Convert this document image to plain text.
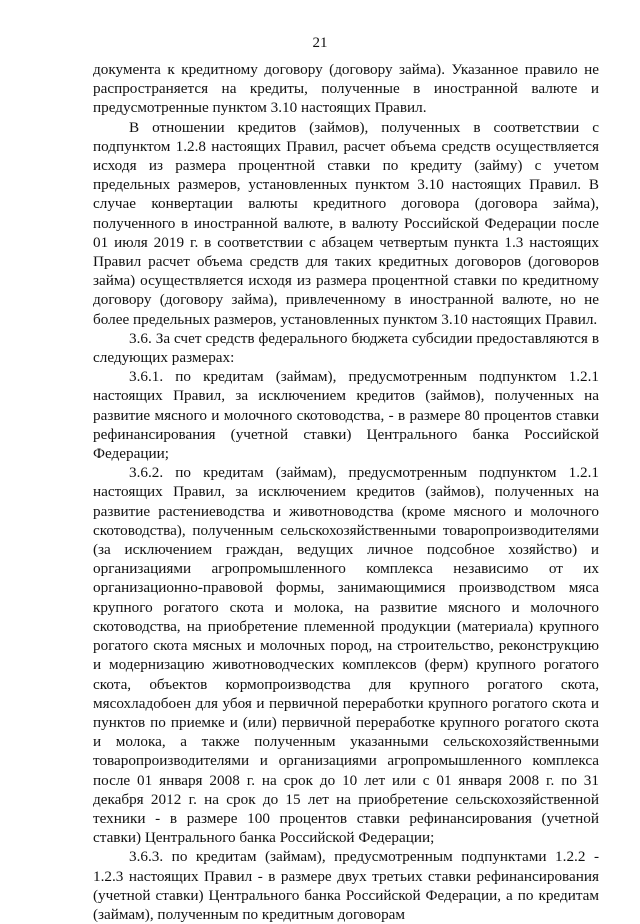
21

документа к кредитному договору (договору займа). Указанное правило не распространяется на кредиты, полученные в иностранной валюте и предусмотренные пунктом 3.10 настоящих Правил.

В отношении кредитов (займов), полученных в соответствии с подпунктом 1.2.8 настоящих Правил, расчет объема средств осуществляется исходя из размера процентной ставки по кредиту (займу) с учетом предельных размеров, установленных пунктом 3.10 настоящих Правил. В случае конвертации валюты кредитного договора (договора займа), полученного в иностранной валюте, в валюту Российской Федерации после 01 июля 2019 г. в соответствии с абзацем четвертым пункта 1.3 настоящих Правил расчет объема средств для таких кредитных договоров (договоров займа) осуществляется исходя из размера процентной ставки по кредитному договору (договору займа), привлеченному в иностранной валюте, но не более предельных размеров, установленных пунктом 3.10 настоящих Правил.

3.6. За счет средств федерального бюджета субсидии предоставляются в следующих размерах:

3.6.1. по кредитам (займам), предусмотренным подпунктом 1.2.1 настоящих Правил, за исключением кредитов (займов), полученных на развитие мясного и молочного скотоводства, - в размере 80 процентов ставки рефинансирования (учетной ставки) Центрального банка Российской Федерации;

3.6.2. по кредитам (займам), предусмотренным подпунктом 1.2.1 настоящих Правил, за исключением кредитов (займов), полученных на развитие растениеводства и животноводства (кроме мясного и молочного скотоводства), полученным сельскохозяйственными товаропроизводителями (за исключением граждан, ведущих личное подсобное хозяйство) и организациями агропромышленного комплекса независимо от их организационно-правовой формы, занимающимися производством мяса крупного рогатого скота и молока, на развитие мясного и молочного скотоводства, на приобретение племенной продукции (материала) крупного рогатого скота мясных и молочных пород, на строительство, реконструкцию и модернизацию животноводческих комплексов (ферм) крупного рогатого скота, объектов кормопроизводства для крупного рогатого скота, мясохладобоен для убоя и первичной переработки крупного рогатого скота и пунктов по приемке и (или) первичной переработке крупного рогатого скота и молока, а также полученным указанными сельскохозяйственными товаропроизводителями и организациями агропромышленного комплекса после 01 января 2008 г. на срок до 10 лет или с 01 января 2008 г. по 31 декабря 2012 г. на срок до 15 лет на приобретение сельскохозяйственной техники - в размере 100 процентов ставки рефинансирования (учетной ставки) Центрального банка Российской Федерации;

3.6.3. по кредитам (займам), предусмотренным подпунктами 1.2.2 - 1.2.3 настоящих Правил - в размере двух третьих ставки рефинансирования (учетной ставки) Центрального банка Российской Федерации, а по кредитам (займам), полученным по кредитным договорам
